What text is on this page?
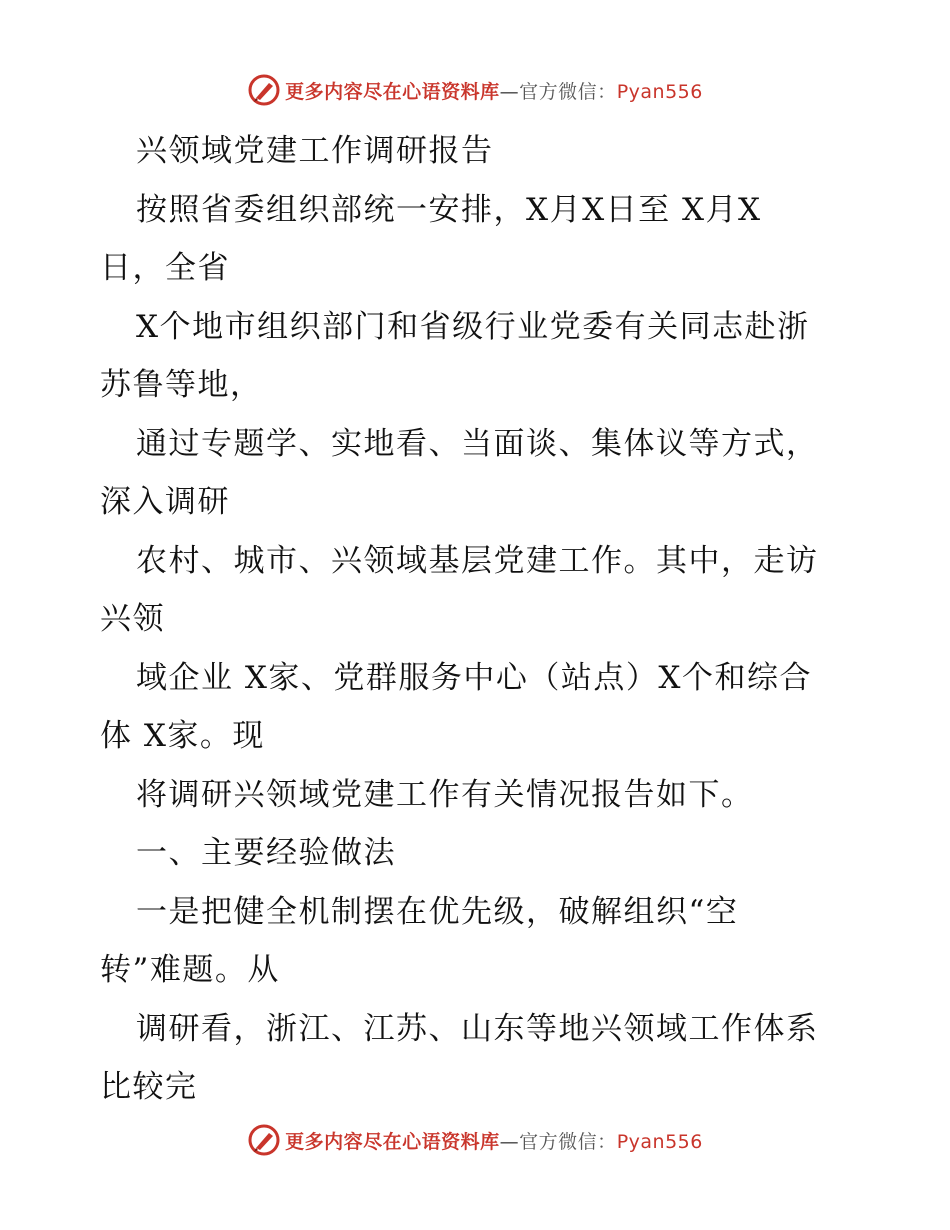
更多内容尽在心语资料库—官方微信：Pyan556
兴领域党建工作调研报告
按照省委组织部统一安排，X月X日至 X月X
日，全省
X个地市组织部门和省级行业党委有关同志赴浙
苏鲁等地，
通过专题学、实地看、当面谈、集体议等方式，
深入调研
农村、城市、兴领域基层党建工作。其中，走访
兴领
域企业 X家、党群服务中心（站点）X个和综合
体 X家。现
将调研兴领域党建工作有关情况报告如下。
一、主要经验做法
一是把健全机制摆在优先级，破解组织“空
转”难题。从
调研看，浙江、江苏、山东等地兴领域工作体系
比较完
更多内容尽在心语资料库—官方微信：Pyan556
